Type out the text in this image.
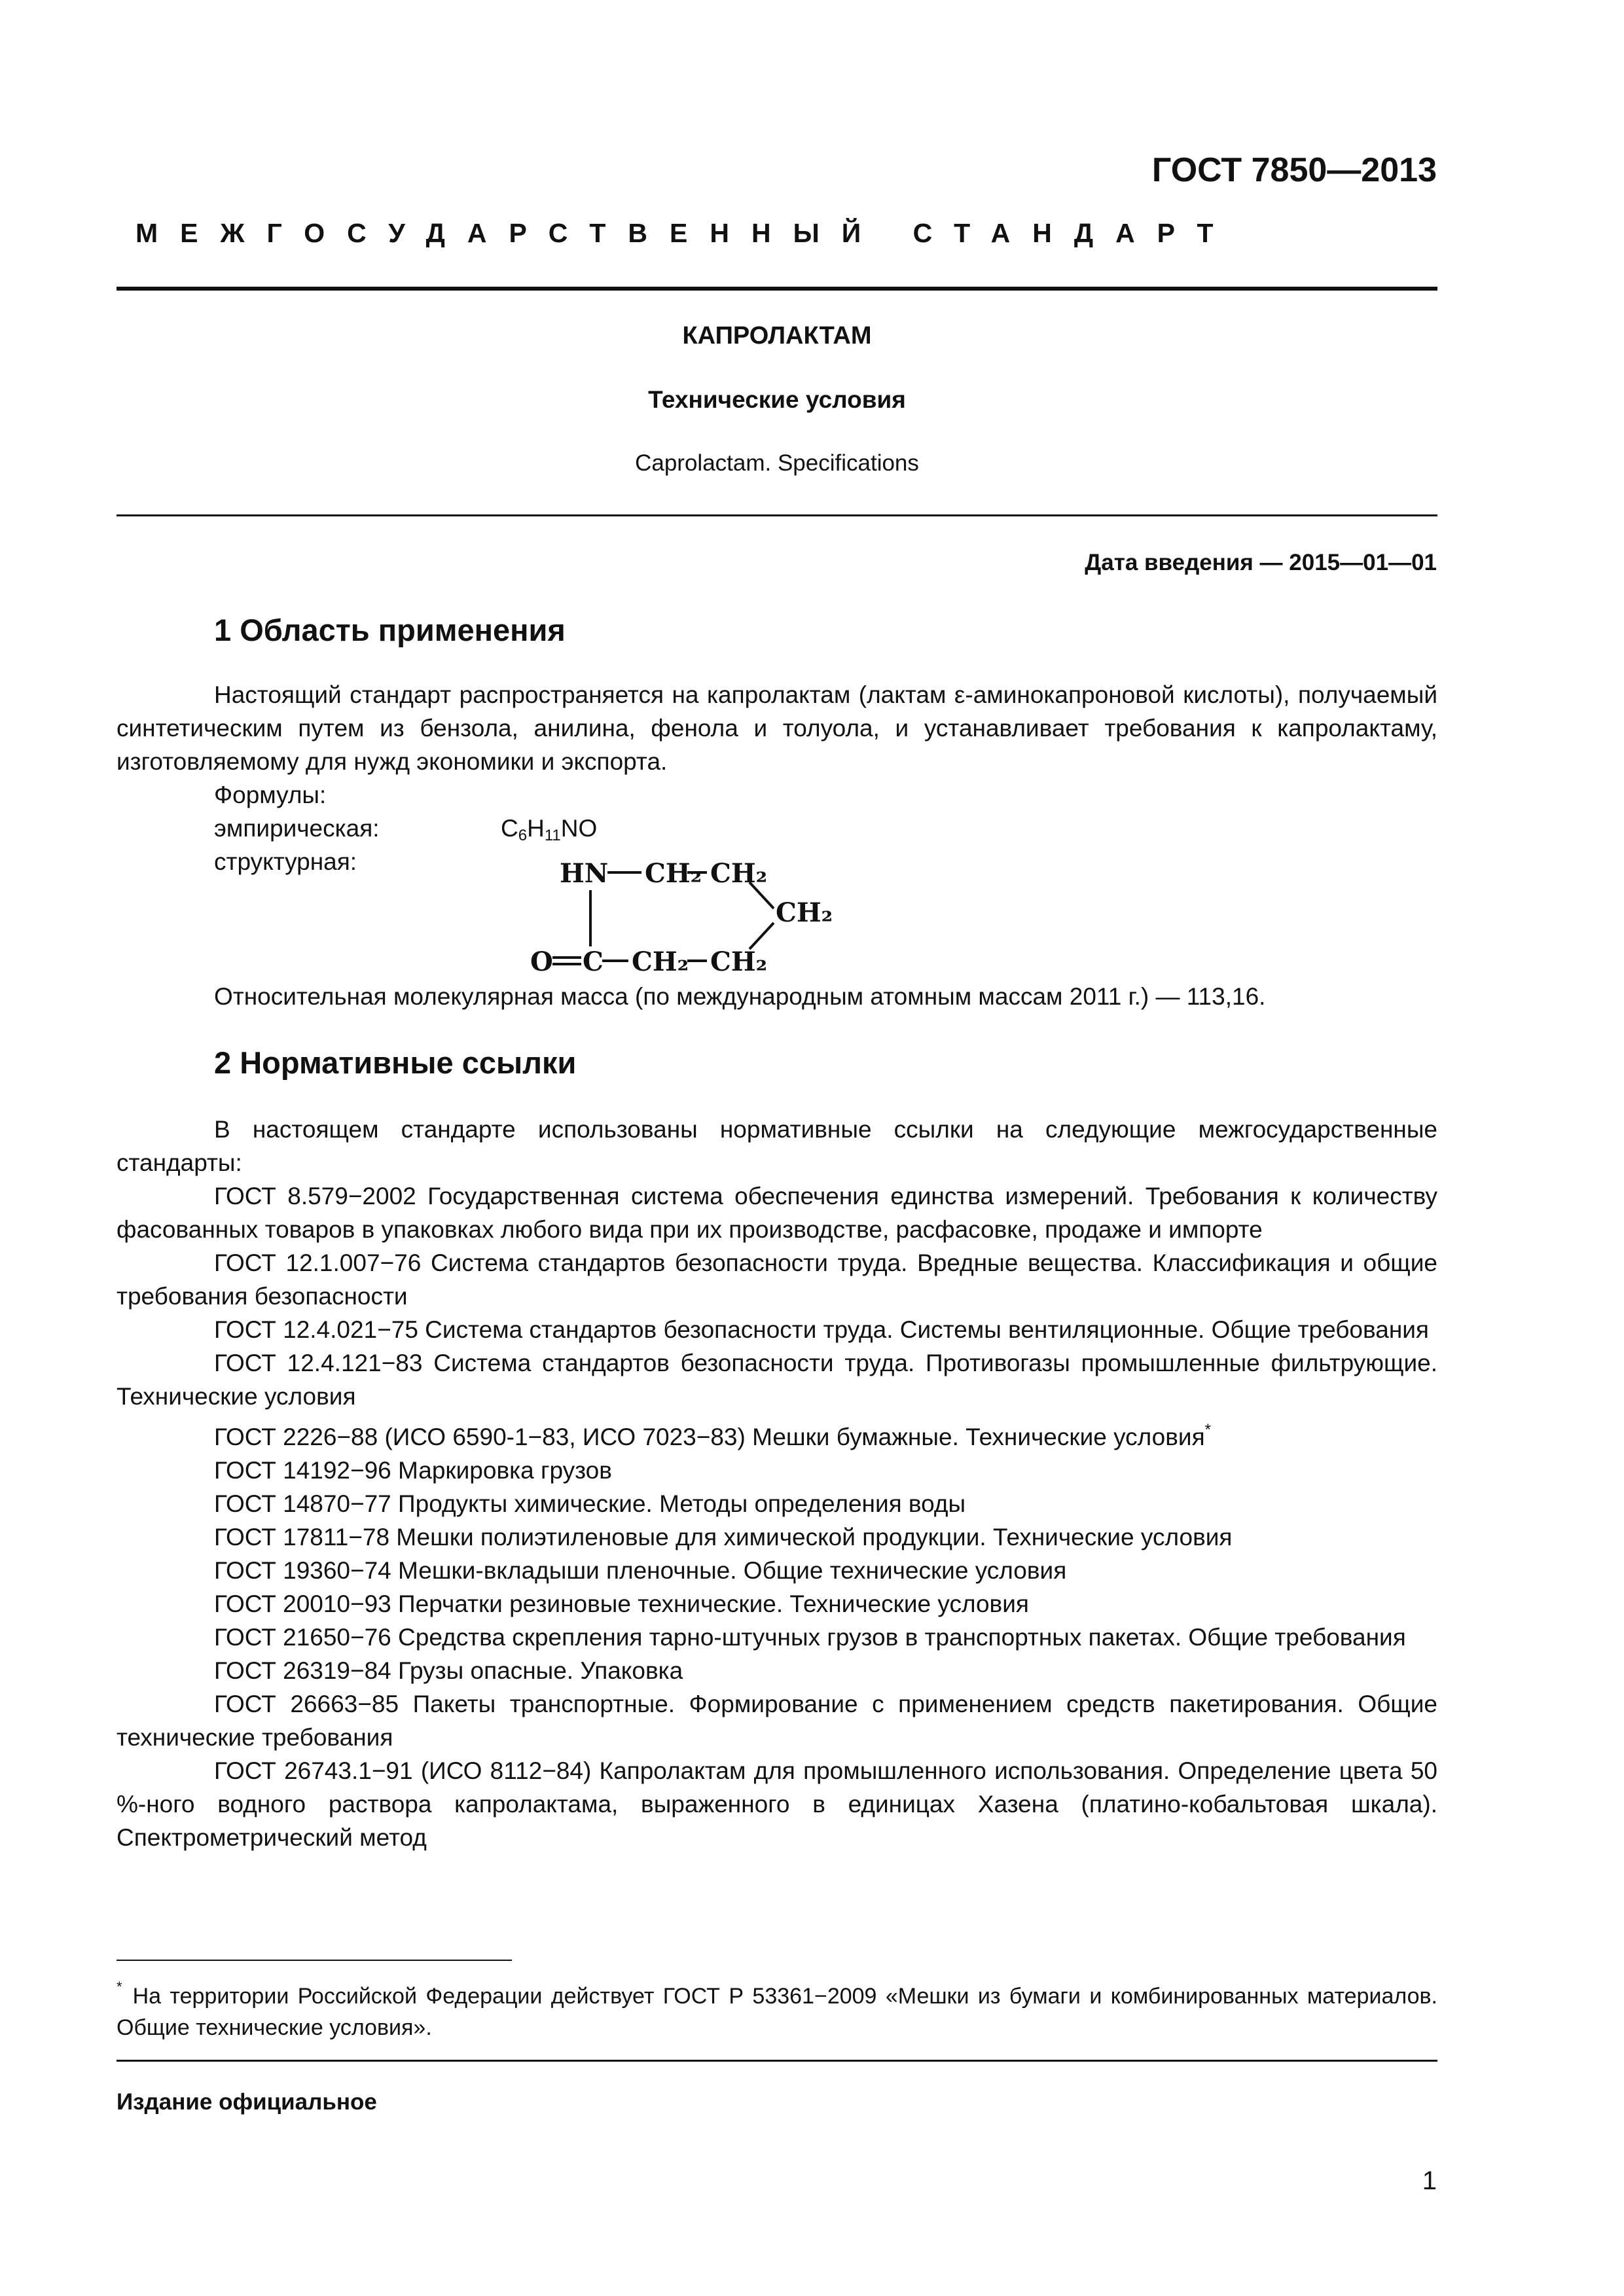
ГОСТ 7850—2013
МЕЖГОСУДАРСТВЕННЫЙ СТАНДАРТ
КАПРОЛАКТАМ
Технические условия
Caprolactam. Specifications
Дата введения — 2015—01—01
1 Область применения

Настоящий стандарт распространяется на капролактам (лактам ε-аминокапроновой кислоты), получаемый синтетическим путем из бензола, анилина, фенола и толуола, и устанавливает требования к капролактаму, изготовляемому для нужд экономики и экспорта.

Формулы:
эмпирическая:	$C_6H_{11}NO$
структурная:	HN CH₂ CH₂
CH₂
O C CH₂ CH₂
Относительная молекулярная масса (по международным атомным массам 2011 г.) — 113,16.
2 Нормативные ссылки

В настоящем стандарте использованы нормативные ссылки на следующие межгосударственные стандарты:

ГОСТ 8.579−2002 Государственная система обеспечения единства измерений. Требования к количеству фасованных товаров в упаковках любого вида при их производстве, расфасовке, продаже и импорте

ГОСТ 12.1.007−76 Система стандартов безопасности труда. Вредные вещества. Классификация и общие требования безопасности

ГОСТ 12.4.021−75 Система стандартов безопасности труда. Системы вентиляционные. Общие требования

ГОСТ 12.4.121−83 Система стандартов безопасности труда. Противогазы промышленные фильтрующие. Технические условия

ГОСТ 2226−88 (ИСО 6590-1−83, ИСО 7023−83) Мешки бумажные. Технические условия*

ГОСТ 14192−96 Маркировка грузов

ГОСТ 14870−77 Продукты химические. Методы определения воды

ГОСТ 17811−78 Мешки полиэтиленовые для химической продукции. Технические условия

ГОСТ 19360−74 Мешки-вкладыши пленочные. Общие технические условия

ГОСТ 20010−93 Перчатки резиновые технические. Технические условия

ГОСТ 21650−76 Средства скрепления тарно-штучных грузов в транспортных пакетах. Общие требования

ГОСТ 26319−84 Грузы опасные. Упаковка

ГОСТ 26663−85 Пакеты транспортные. Формирование с применением средств пакетирования. Общие технические требования

ГОСТ 26743.1−91 (ИСО 8112−84) Капролактам для промышленного использования. Определение цвета 50 %-ного водного раствора капролактама, выраженного в единицах Хазена (платино-кобальтовая шкала). Спектрометрический метод

* На территории Российской Федерации действует ГОСТ Р 53361−2009 «Мешки из бумаги и комбинированных материалов. Общие технические условия».
Издание официальное
1
